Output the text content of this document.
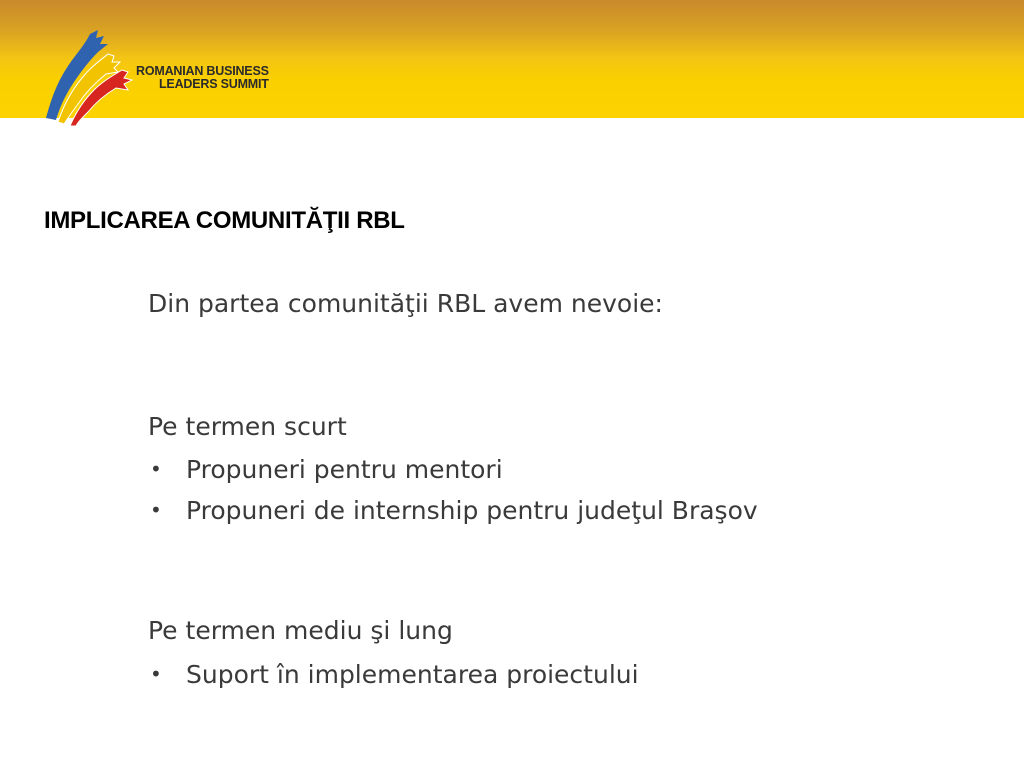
ROMANIAN BUSINESS
LEADERS SUMMIT
IMPLICAREA COMUNITĂŢII RBL
Din partea comunităţii RBL avem nevoie:
Pe termen scurt
• Propuneri pentru mentori
• Propuneri de internship pentru judeţul Braşov
Pe termen mediu şi lung
• Suport în implementarea proiectului
